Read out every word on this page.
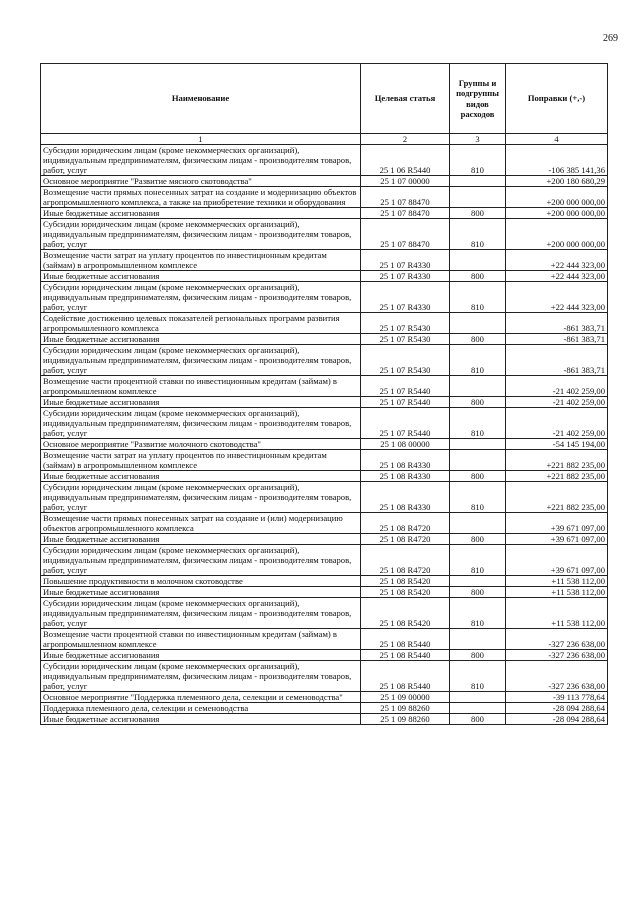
269
Наименование	Целевая статья	Группы и подгруппы видов расходов	Поправки (+,-)
1	2	3	4
Субсидии юридическим лицам (кроме некоммерческих организаций), индивидуальным предпринимателям, физическим лицам - производителям товаров, работ, услуг	25 1 06 R5440	810	-106 385 141,36
Основное мероприятие "Развитие мясного скотоводства"	25 1 07 00000		+200 180 680,29
Возмещение части прямых понесенных затрат на создание и модернизацию объектов агропромышленного комплекса, а также на приобретение техники и оборудования	25 1 07 88470		+200 000 000,00
Иные бюджетные ассигнования	25 1 07 88470	800	+200 000 000,00
Субсидии юридическим лицам (кроме некоммерческих организаций), индивидуальным предпринимателям, физическим лицам - производителям товаров, работ, услуг	25 1 07 88470	810	+200 000 000,00
Возмещение части затрат на уплату процентов по инвестиционным кредитам (займам) в агропромышленном комплексе	25 1 07 R4330		+22 444 323,00
Иные бюджетные ассигнования	25 1 07 R4330	800	+22 444 323,00
Субсидии юридическим лицам (кроме некоммерческих организаций), индивидуальным предпринимателям, физическим лицам - производителям товаров, работ, услуг	25 1 07 R4330	810	+22 444 323,00
Содействие достижению целевых показателей региональных программ развития агропромышленного комплекса	25 1 07 R5430		-861 383,71
Иные бюджетные ассигнования	25 1 07 R5430	800	-861 383,71
Субсидии юридическим лицам (кроме некоммерческих организаций), индивидуальным предпринимателям, физическим лицам - производителям товаров, работ, услуг	25 1 07 R5430	810	-861 383,71
Возмещение части процентной ставки по инвестиционным кредитам (займам) в агропромышленном комплексе	25 1 07 R5440		-21 402 259,00
Иные бюджетные ассигнования	25 1 07 R5440	800	-21 402 259,00
Субсидии юридическим лицам (кроме некоммерческих организаций), индивидуальным предпринимателям, физическим лицам - производителям товаров, работ, услуг	25 1 07 R5440	810	-21 402 259,00
Основное мероприятие "Развитие молочного скотоводства"	25 1 08 00000		-54 145 194,00
Возмещение части затрат на уплату процентов по инвестиционным кредитам (займам) в агропромышленном комплексе	25 1 08 R4330		+221 882 235,00
Иные бюджетные ассигнования	25 1 08 R4330	800	+221 882 235,00
Субсидии юридическим лицам (кроме некоммерческих организаций), индивидуальным предпринимателям, физическим лицам - производителям товаров, работ, услуг	25 1 08 R4330	810	+221 882 235,00
Возмещение части прямых понесенных затрат на создание и (или) модернизацию объектов агропромышленного комплекса	25 1 08 R4720		+39 671 097,00
Иные бюджетные ассигнования	25 1 08 R4720	800	+39 671 097,00
Субсидии юридическим лицам (кроме некоммерческих организаций), индивидуальным предпринимателям, физическим лицам - производителям товаров, работ, услуг	25 1 08 R4720	810	+39 671 097,00
Повышение продуктивности в молочном скотоводстве	25 1 08 R5420		+11 538 112,00
Иные бюджетные ассигнования	25 1 08 R5420	800	+11 538 112,00
Субсидии юридическим лицам (кроме некоммерческих организаций), индивидуальным предпринимателям, физическим лицам - производителям товаров, работ, услуг	25 1 08 R5420	810	+11 538 112,00
Возмещение части процентной ставки по инвестиционным кредитам (займам) в агропромышленном комплексе	25 1 08 R5440		-327 236 638,00
Иные бюджетные ассигнования	25 1 08 R5440	800	-327 236 638,00
Субсидии юридическим лицам (кроме некоммерческих организаций), индивидуальным предпринимателям, физическим лицам - производителям товаров, работ, услуг	25 1 08 R5440	810	-327 236 638,00
Основное мероприятие "Поддержка племенного дела, селекции и семеноводства"	25 1 09 00000		-39 113 778,64
Поддержка племенного дела, селекции и семеноводства	25 1 09 88260		-28 094 288,64
Иные бюджетные ассигнования	25 1 09 88260	800	-28 094 288,64
